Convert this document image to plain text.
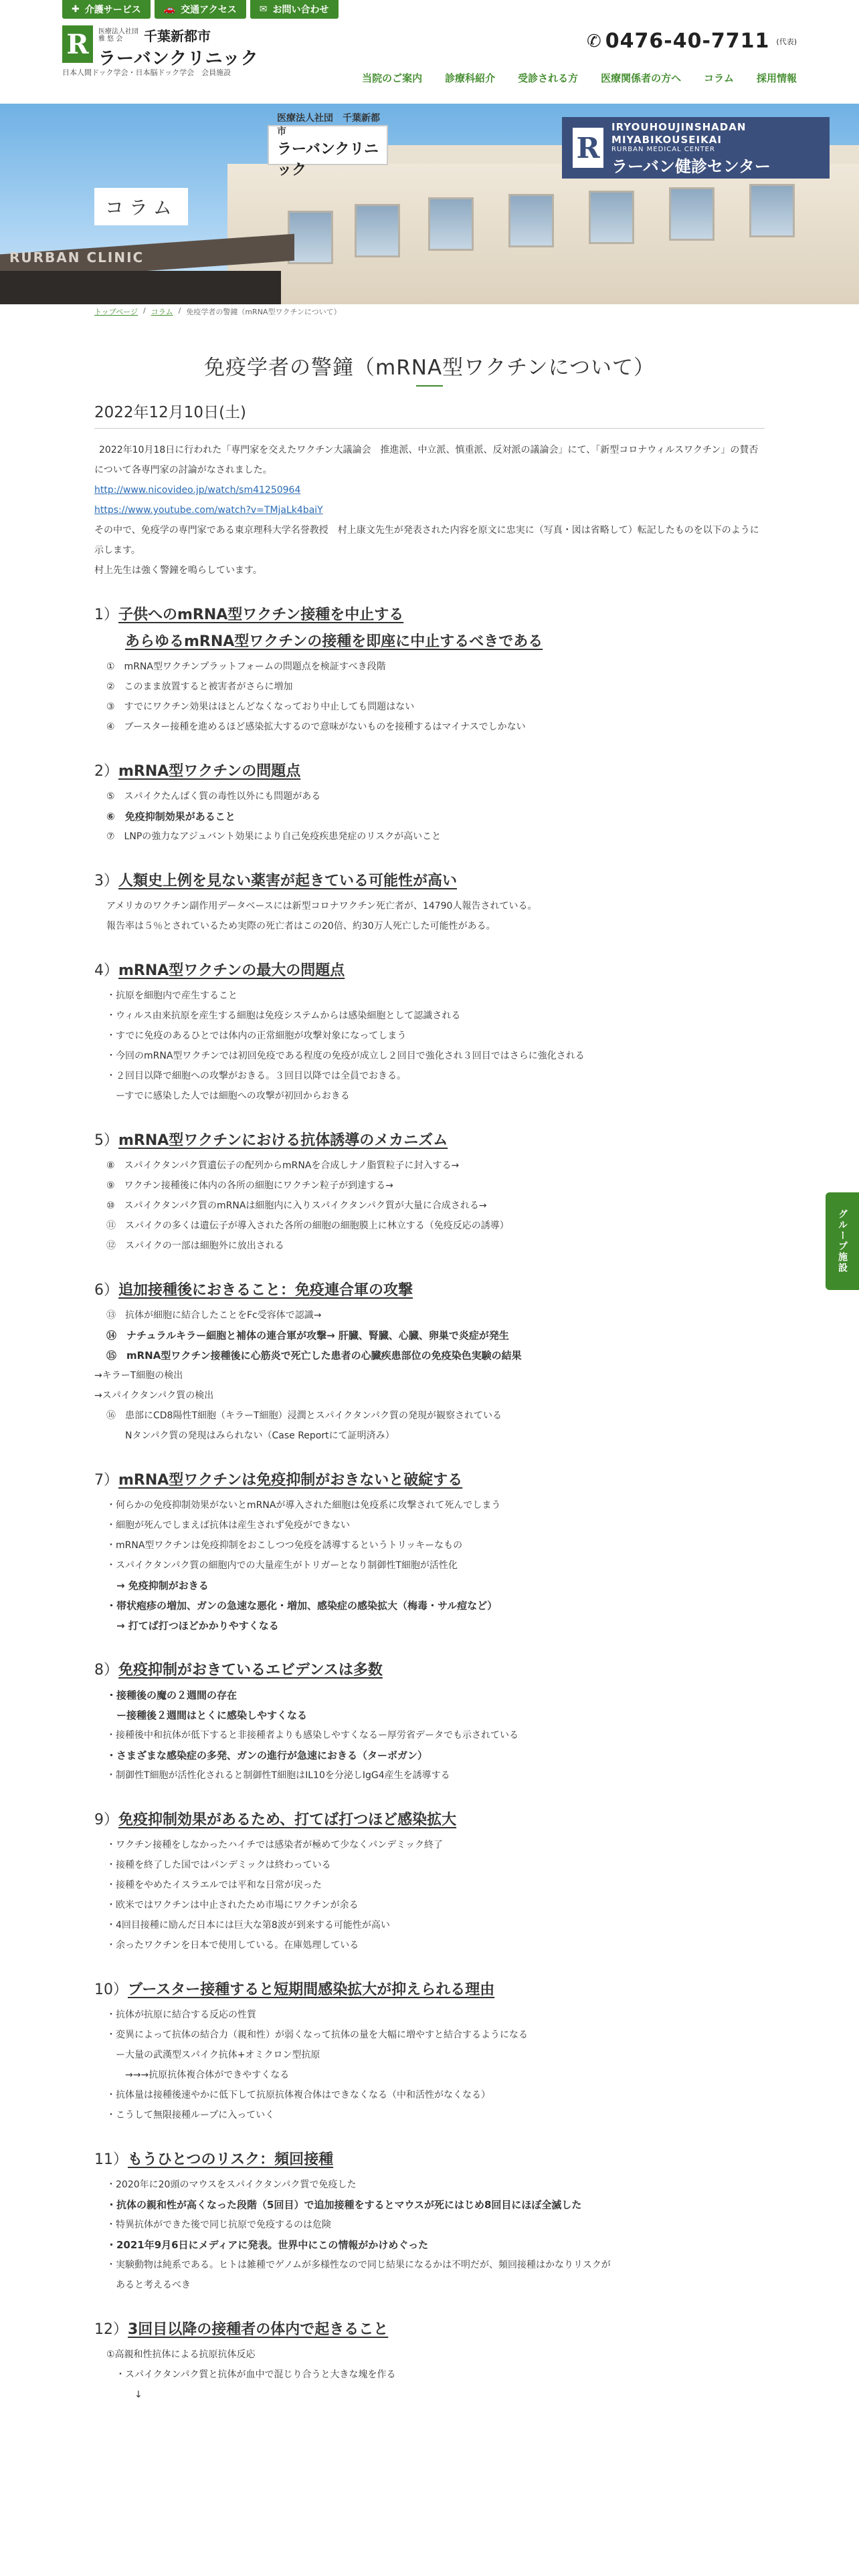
✚ 介護サービス 🚗 交通アクセス ✉ お問い合わせ
R	医療法人社団
雅 悠 会	千葉新都市
ラーバンクリニック
日本人間ドック学会・日本脳ドック学会　会員施設
✆ 0476-40-7711 (代表)
当院のご案内 診療科紹介 受診される方 医療関係者の方へ コラム 採用情報
医療法人社団　千葉新都市
ラーバンクリニック
R
IRYOUHOUJINSHADAN　MIYABIKOUSEIKAI
RURBAN MEDICAL CENTER
ラーバン健診センター
RURBAN CLINIC
コラム
トップページ / コラム / 免疫学者の警鐘（mRNA型ワクチンについて）
免疫学者の警鐘（mRNA型ワクチンについて）
2022年12月10日(土)

2022年10月18日に行われた「専門家を交えたワクチン大議論会　推進派、中立派、慎重派、反対派の議論会」にて、「新型コロナウィルスワクチン」の賛否について各専門家の討論がなされました。

http://www.nicovideo.jp/watch/sm41250964

https://www.youtube.com/watch?v=TMjaLk4baiY

その中で、免疫学の専門家である東京理科大学名誉教授　村上康文先生が発表された内容を原文に忠実に（写真・図は省略して）転記したものを以下のように示します。

村上先生は強く警鐘を鳴らしています。

1）子供へのmRNA型ワクチン接種を中止する
あらゆるmRNA型ワクチンの接種を即座に中止するべきである
①　mRNA型ワクチンプラットフォームの問題点を検証すべき段階
②　このまま放置すると被害者がさらに増加
③　すでにワクチン効果はほとんどなくなっており中止しても問題はない
④　ブースター接種を進めるほど感染拡大するので意味がないものを接種するはマイナスでしかない
2）mRNA型ワクチンの問題点
⑤　スパイクたんぱく質の毒性以外にも問題がある
⑥　免疫抑制効果があること
⑦　LNPの強力なアジュバント効果により自己免疫疾患発症のリスクが高いこと
3）人類史上例を見ない薬害が起きている可能性が高い
アメリカのワクチン副作用データベースには新型コロナワクチン死亡者が、14790人報告されている。
報告率は５％とされているため実際の死亡者はこの20倍、約30万人死亡した可能性がある。
4）mRNA型ワクチンの最大の問題点
・抗原を細胞内で産生すること
・ウィルス由来抗原を産生する細胞は免疫システムからは感染細胞として認識される
・すでに免疫のあるひとでは体内の正常細胞が攻撃対象になってしまう
・今回のmRNA型ワクチンでは初回免疫である程度の免疫が成立し２回目で強化され３回目ではさらに強化される
・２回目以降で細胞への攻撃がおきる。３回目以降では全員でおきる。
　ーすでに感染した人では細胞への攻撃が初回からおきる
5）mRNA型ワクチンにおける抗体誘導のメカニズム
⑧　スパイクタンパク質遺伝子の配列からmRNAを合成しナノ脂質粒子に封入する→
⑨　ワクチン接種後に体内の各所の細胞にワクチン粒子が到達する→
⑩　スパイクタンパク質のmRNAは細胞内に入りスパイクタンパク質が大量に合成される→
⑪　スパイクの多くは遺伝子が導入された各所の細胞の細胞膜上に林立する（免疫反応の誘導）
⑫　スパイクの一部は細胞外に放出される
6）追加接種後におきること：免疫連合軍の攻撃
⑬　抗体が細胞に結合したことをFc受容体で認識→
⑭　ナチュラルキラー細胞と補体の連合軍が攻撃→ 肝臓、腎臓、心臓、卵巣で炎症が発生
⑮　mRNA型ワクチン接種後に心筋炎で死亡した患者の心臓疾患部位の免疫染色実験の結果
→キラーT細胞の検出
→スパイクタンパク質の検出
⑯　患部にCD8陽性T細胞（キラーT細胞）浸潤とスパイクタンパク質の発現が観察されている
　　Nタンパク質の発現はみられない（Case Reportにて証明済み）
7）mRNA型ワクチンは免疫抑制がおきないと破綻する
・何らかの免疫抑制効果がないとmRNAが導入された細胞は免疫系に攻撃されて死んでしまう
・細胞が死んでしまえば抗体は産生されず免疫ができない
・mRNA型ワクチンは免疫抑制をおこしつつ免疫を誘導するというトリッキーなもの
・スパイクタンパク質の細胞内での大量産生がトリガーとなり制御性T細胞が活性化
　→ 免疫抑制がおきる
・帯状疱疹の増加、ガンの急速な悪化・増加、感染症の感染拡大（梅毒・サル痘など）
　→ 打てば打つほどかかりやすくなる
8）免疫抑制がおきているエビデンスは多数
・接種後の魔の２週間の存在
　ー接種後２週間はとくに感染しやすくなる
・接種後中和抗体が低下すると非接種者よりも感染しやすくなるー厚労省データでも示されている
・さまざまな感染症の多発、ガンの進行が急速におきる（ターボガン）
・制御性T細胞が活性化されると制御性T細胞はIL10を分泌しIgG4産生を誘導する
9）免疫抑制効果があるため、打てば打つほど感染拡大
・ワクチン接種をしなかったハイチでは感染者が極めて少なくパンデミック終了
・接種を終了した国ではパンデミックは終わっている
・接種をやめたイスラエルでは平和な日常が戻った
・欧米ではワクチンは中止されたため市場にワクチンが余る
・4回目接種に励んだ日本には巨大な第8波が到来する可能性が高い
・余ったワクチンを日本で使用している。在庫処理している
10）ブースター接種すると短期間感染拡大が抑えられる理由
・抗体が抗原に結合する反応の性質
・変異によって抗体の結合力（親和性）が弱くなって抗体の量を大幅に増やすと結合するようになる
　ー大量の武漢型スパイク抗体+オミクロン型抗原
　　→→→抗原抗体複合体ができやすくなる
・抗体量は接種後速やかに低下して抗原抗体複合体はできなくなる（中和活性がなくなる）
・こうして無限接種ループに入っていく
11）もうひとつのリスク：頻回接種
・2020年に20頭のマウスをスパイクタンパク質で免疫した
・抗体の親和性が高くなった段階（5回目）で追加接種をするとマウスが死にはじめ8回目にほぼ全滅した
・特異抗体ができた後で同じ抗原で免疫するのは危険
・2021年9月6日にメディアに発表。世界中にこの情報がかけめぐった
・実験動物は純系である。ヒトは雑種でゲノムが多様性なので同じ結果になるかは不明だが、頻回接種はかなりリスクが
　あると考えるべき
12）3回目以降の接種者の体内で起きること
①高親和性抗体による抗原抗体反応
　・スパイクタンパク質と抗体が血中で混じり合うと大きな塊を作る
　　　↓
グループ施設
